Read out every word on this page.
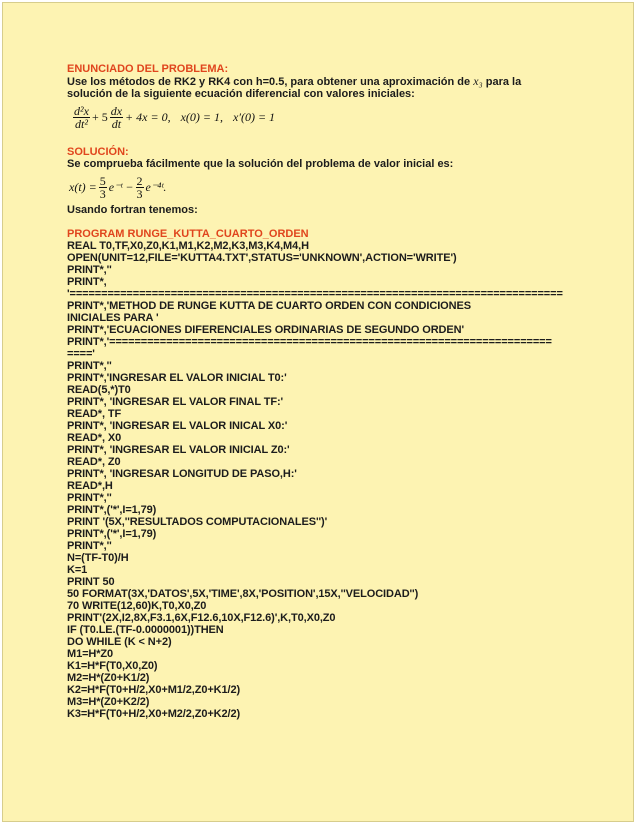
ENUNCIADO DEL PROBLEMA:
Use los métodos de RK2 y RK4 con h=0.5, para obtener una aproximación de x₃ para la
solución de la siguiente ecuación diferencial con valores iniciales:
$\frac{\text{d²x}}{\text{dt²}} + 5 \frac{dx}{dt} + 4x = 0$, x(0) = 1, x′(0) = 1
SOLUCIÓN:
Se comprueba fácilmente que la solución del problema de valor inicial es:
$x(t) = \frac{5}{3}$ e⁻ᵗ − $\frac{2}{3}$ e⁻⁴ᵗ.
Usando fortran tenemos:
PROGRAM RUNGE_KUTTA_CUARTO_ORDEN
REAL T0,TF,X0,Z0,K1,M1,K2,M2,K3,M3,K4,M4,H
OPEN(UNIT=12,FILE='KUTTA4.TXT',STATUS='UNKNOWN',ACTION='WRITE')
PRINT*,''
PRINT*,
'==============================================================================
PRINT*,'METHOD DE RUNGE KUTTA DE CUARTO ORDEN CON CONDICIONES
INICIALES PARA '
PRINT*,'ECUACIONES DIFERENCIALES ORDINARIAS DE SEGUNDO ORDEN'
PRINT*,'======================================================================
===='
PRINT*,''
PRINT*,'INGRESAR EL VALOR INICIAL T0:'
READ(5,*)T0
PRINT*, 'INGRESAR EL VALOR FINAL TF:'
READ*, TF
PRINT*, 'INGRESAR EL VALOR INICAL X0:'
READ*, X0
PRINT*, 'INGRESAR EL VALOR INICIAL Z0:'
READ*, Z0
PRINT*, 'INGRESAR LONGITUD DE PASO,H:'
READ*,H
PRINT*,''
PRINT*,('*',I=1,79)
PRINT '(5X,''RESULTADOS COMPUTACIONALES'')'
PRINT*,('*',I=1,79)
PRINT*,''
N=(TF-T0)/H
K=1
PRINT 50
50 FORMAT(3X,'DATOS',5X,'TIME',8X,'POSITION',15X,''VELOCIDAD'')
70 WRITE(12,60)K,T0,X0,Z0
PRINT'(2X,I2,8X,F3.1,6X,F12.6,10X,F12.6)',K,T0,X0,Z0
IF (T0.LE.(TF-0.0000001))THEN
DO WHILE (K < N+2)
M1=H*Z0
K1=H*F(T0,X0,Z0)
M2=H*(Z0+K1/2)
K2=H*F(T0+H/2,X0+M1/2,Z0+K1/2)
M3=H*(Z0+K2/2)
K3=H*F(T0+H/2,X0+M2/2,Z0+K2/2)
